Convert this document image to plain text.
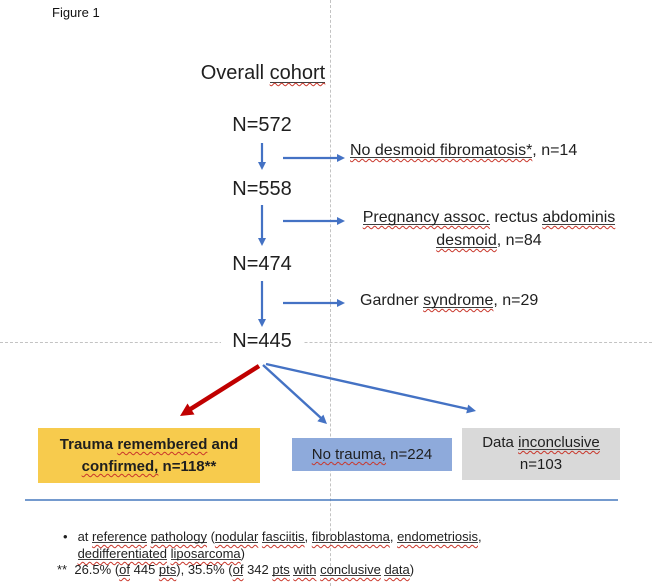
Figure 1
Overall cohort
N=572
N=558
N=474
N=445
No desmoid fibromatosis*, n=14
Pregnancy assoc. rectus abdominis
desmoid, n=84
Gardner syndrome, n=29
Trauma remembered and
confirmed, n=118**
No trauma, n=224
Data inconclusive
n=103
• at reference pathology (nodular fasciitis, fibroblastoma, endometriosis,
dedifferentiated liposarcoma)
**  26.5% (of 445 pts), 35.5% (of 342 pts with conclusive data)
